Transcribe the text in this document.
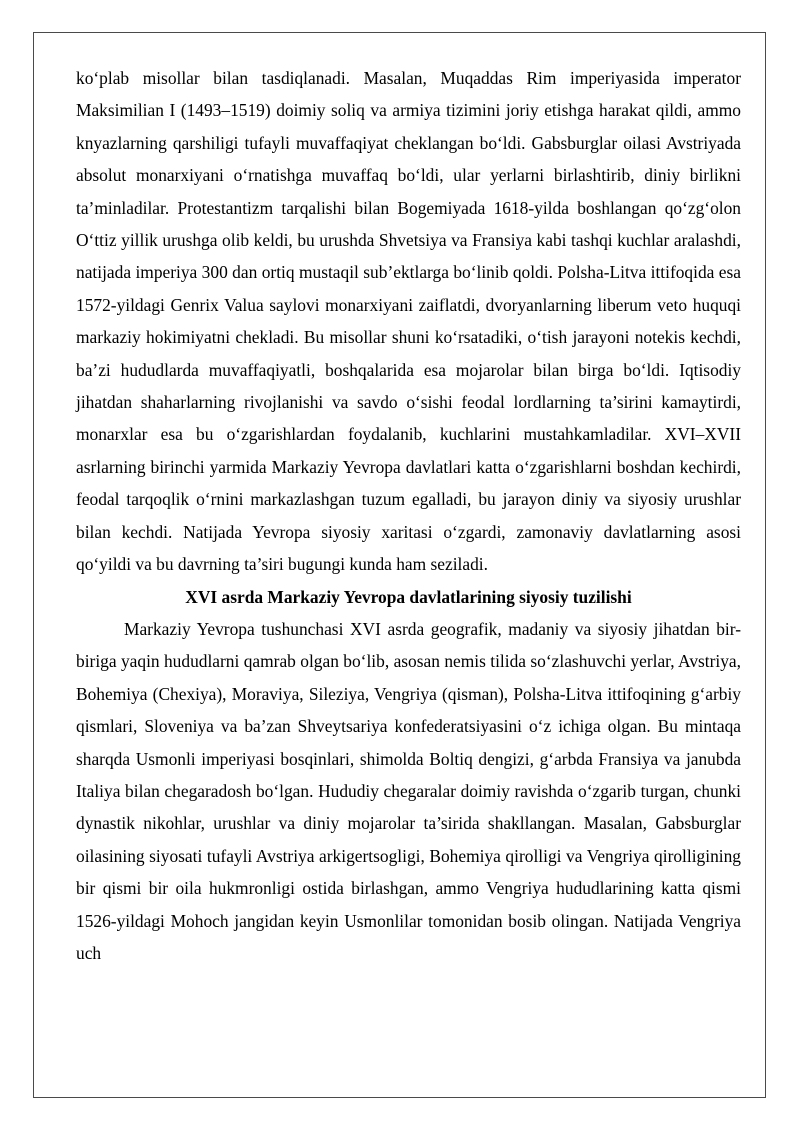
ko‘plab misollar bilan tasdiqlanadi. Masalan, Muqaddas Rim imperiyasida imperator Maksimilian I (1493–1519) doimiy soliq va armiya tizimini joriy etishga harakat qildi, ammo knyazlarning qarshiligi tufayli muvaffaqiyat cheklangan bo‘ldi. Gabsburglar oilasi Avstriyada absolut monarxiyani o‘rnatishga muvaffaq bo‘ldi, ular yerlarni birlashtirib, diniy birlikni ta’minladilar. Protestantizm tarqalishi bilan Bogemiyada 1618-yilda boshlangan qo‘zg‘olon O‘ttiz yillik urushga olib keldi, bu urushda Shvetsiya va Fransiya kabi tashqi kuchlar aralashdi, natijada imperiya 300 dan ortiq mustaqil sub’ektlarga bo‘linib qoldi. Polsha-Litva ittifoqida esa 1572-yildagi Genrix Valua saylovi monarxiyani zaiflatdi, dvoryanlarning liberum veto huquqi markaziy hokimiyatni chekladi. Bu misollar shuni ko‘rsatadiki, o‘tish jarayoni notekis kechdi, ba’zi hududlarda muvaffaqiyatli, boshqalarida esa mojarolar bilan birga bo‘ldi. Iqtisodiy jihatdan shaharlarning rivojlanishi va savdo o‘sishi feodal lordlarning ta’sirini kamaytirdi, monarxlar esa bu o‘zgarishlardan foydalanib, kuchlarini mustahkamladilar. XVI–XVII asrlarning birinchi yarmida Markaziy Yevropa davlatlari katta o‘zgarishlarni boshdan kechirdi, feodal tarqoqlik o‘rnini markazlashgan tuzum egalladi, bu jarayon diniy va siyosiy urushlar bilan kechdi. Natijada Yevropa siyosiy xaritasi o‘zgardi, zamonaviy davlatlarning asosi qo‘yildi va bu davrning ta’siri bugungi kunda ham seziladi.

XVI asrda Markaziy Yevropa davlatlarining siyosiy tuzilishi

Markaziy Yevropa tushunchasi XVI asrda geografik, madaniy va siyosiy jihatdan bir-biriga yaqin hududlarni qamrab olgan bo‘lib, asosan nemis tilida so‘zlashuvchi yerlar, Avstriya, Bohemiya (Chexiya), Moraviya, Sileziya, Vengriya (qisman), Polsha-Litva ittifoqining g‘arbiy qismlari, Sloveniya va ba’zan Shveytsariya konfederatsiyasini o‘z ichiga olgan. Bu mintaqa sharqda Usmonli imperiyasi bosqinlari, shimolda Boltiq dengizi, g‘arbda Fransiya va janubda Italiya bilan chegaradosh bo‘lgan. Hududiy chegaralar doimiy ravishda o‘zgarib turgan, chunki dynastik nikohlar, urushlar va diniy mojarolar ta’sirida shakllangan. Masalan, Gabsburglar oilasining siyosati tufayli Avstriya arkigertsogligi, Bohemiya qirolligi va Vengriya qirolligining bir qismi bir oila hukmronligi ostida birlashgan, ammo Vengriya hududlarining katta qismi 1526-yildagi Mohoch jangidan keyin Usmonlilar tomonidan bosib olingan. Natijada Vengriya uch
